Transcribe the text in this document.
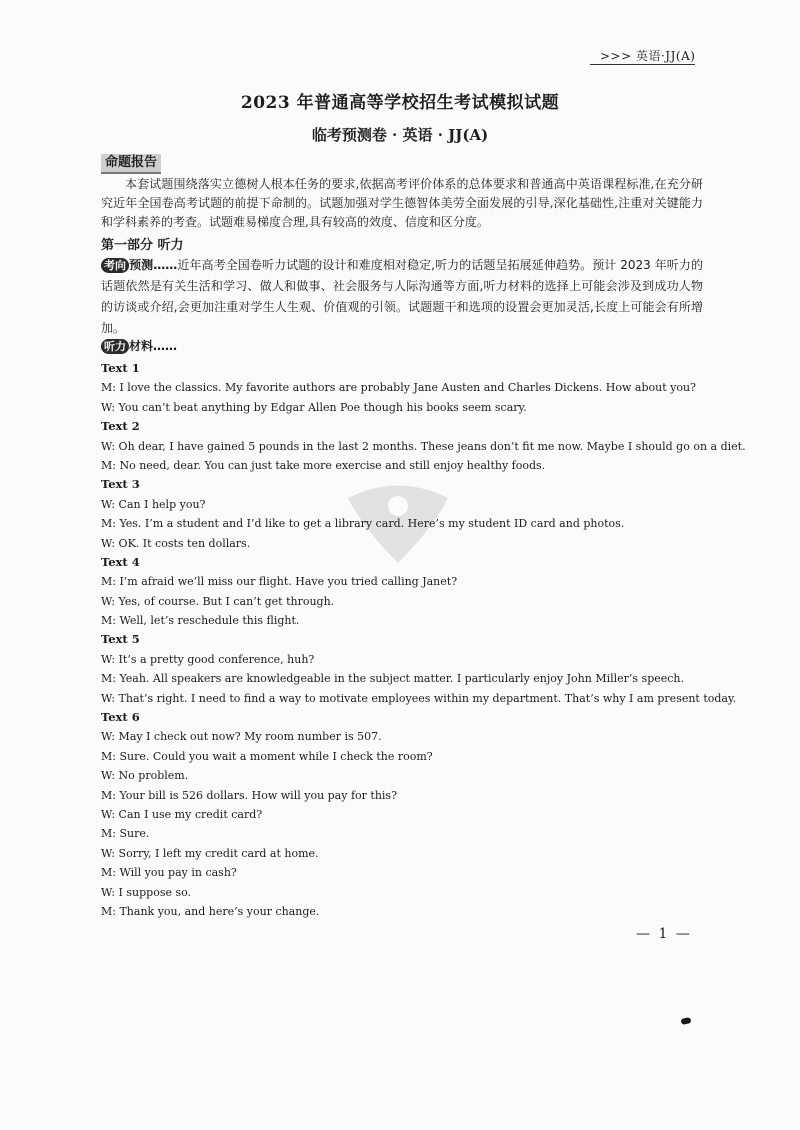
>>> 英语·JJ(A)
2023 年普通高等学校招生考试模拟试题
临考预测卷 · 英语 · JJ(A)
命题报告
本套试题围绕落实立德树人根本任务的要求,依据高考评价体系的总体要求和普通高中英语课程标准,在充分研究近年全国卷高考试题的前提下命制的。试题加强对学生德智体美劳全面发展的引导,深化基础性,注重对关键能力和学科素养的考查。试题难易梯度合理,具有较高的效度、信度和区分度。
第一部分 听力
考向 预测……近年高考全国卷听力试题的设计和难度相对稳定,听力的话题呈拓展延伸趋势。预计 2023 年听力的话题依然是有关生活和学习、做人和做事、社会服务与人际沟通等方面,听力材料的选择上可能会涉及到成功人物的访谈或介绍,会更加注重对学生人生观、价值观的引领。试题题干和选项的设置会更加灵活,长度上可能会有所增加。
听力 材料……
Text 1
M: I love the classics. My favorite authors are probably Jane Austen and Charles Dickens. How about you?
W: You can’t beat anything by Edgar Allen Poe though his books seem scary.
Text 2
W: Oh dear, I have gained 5 pounds in the last 2 months. These jeans don’t fit me now. Maybe I should go on a diet.
M: No need, dear. You can just take more exercise and still enjoy healthy foods.
Text 3
W: Can I help you?
M: Yes. I’m a student and I’d like to get a library card. Here’s my student ID card and photos.
W: OK. It costs ten dollars.
Text 4
M: I’m afraid we’ll miss our flight. Have you tried calling Janet?
W: Yes, of course. But I can’t get through.
M: Well, let’s reschedule this flight.
Text 5
W: It’s a pretty good conference, huh?
M: Yeah. All speakers are knowledgeable in the subject matter. I particularly enjoy John Miller’s speech.
W: That’s right. I need to find a way to motivate employees within my department. That’s why I am present today.
Text 6
W: May I check out now? My room number is 507.
M: Sure. Could you wait a moment while I check the room?
W: No problem.
M: Your bill is 526 dollars. How will you pay for this?
W: Can I use my credit card?
M: Sure.
W: Sorry, I left my credit card at home.
M: Will you pay in cash?
W: I suppose so.
M: Thank you, and here’s your change.
— 1 —
